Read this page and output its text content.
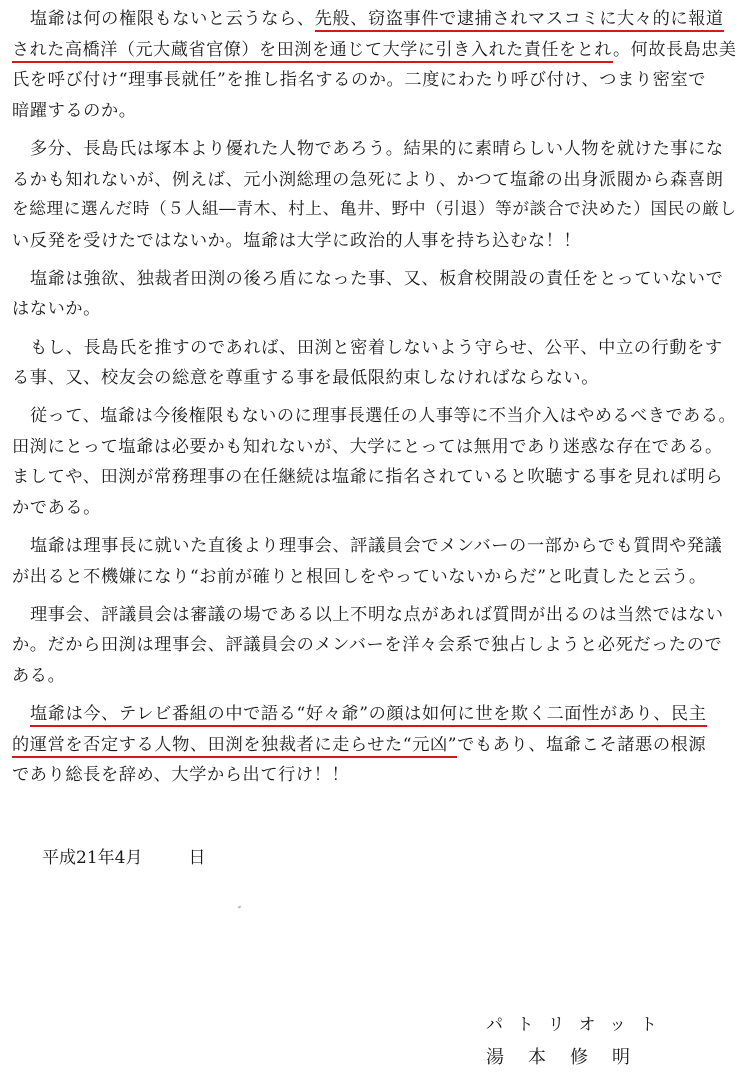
塩爺は何の権限もないと云うなら、先般、窃盗事件で逮捕されマスコミに大々的に報道
された高橋洋（元大蔵省官僚）を田渕を通じて大学に引き入れた責任をとれ。何故長島忠美
氏を呼び付け“理事長就任”を推し指名するのか。二度にわたり呼び付け、つまり密室で
暗躍するのか。
多分、長島氏は塚本より優れた人物であろう。結果的に素晴らしい人物を就けた事にな
るかも知れないが、例えば、元小渕総理の急死により、かつて塩爺の出身派閥から森喜朗
を総理に選んだ時（５人組―青木、村上、亀井、野中（引退）等が談合で決めた）国民の厳し
い反発を受けたではないか。塩爺は大学に政治的人事を持ち込むな！！
塩爺は強欲、独裁者田渕の後ろ盾になった事、又、板倉校開設の責任をとっていないで
はないか。
もし、長島氏を推すのであれば、田渕と密着しないよう守らせ、公平、中立の行動をす
る事、又、校友会の総意を尊重する事を最低限約束しなければならない。
従って、塩爺は今後権限もないのに理事長選任の人事等に不当介入はやめるべきである。
田渕にとって塩爺は必要かも知れないが、大学にとっては無用であり迷惑な存在である。
ましてや、田渕が常務理事の在任継続は塩爺に指名されていると吹聴する事を見れば明ら
かである。
塩爺は理事長に就いた直後より理事会、評議員会でメンバーの一部からでも質問や発議
が出ると不機嫌になり“お前が確りと根回しをやっていないからだ”と叱責したと云う。
理事会、評議員会は審議の場である以上不明な点があれば質問が出るのは当然ではない
か。だから田渕は理事会、評議員会のメンバーを洋々会系で独占しようと必死だったので
ある。
塩爺は今、テレビ番組の中で語る“好々爺”の顔は如何に世を欺く二面性があり、民主
的運営を否定する人物、田渕を独裁者に走らせた“元凶”でもあり、塩爺こそ諸悪の根源
であり総長を辞め、大学から出て行け！！
平成21年4月	日
パトリオット
湯本修明
